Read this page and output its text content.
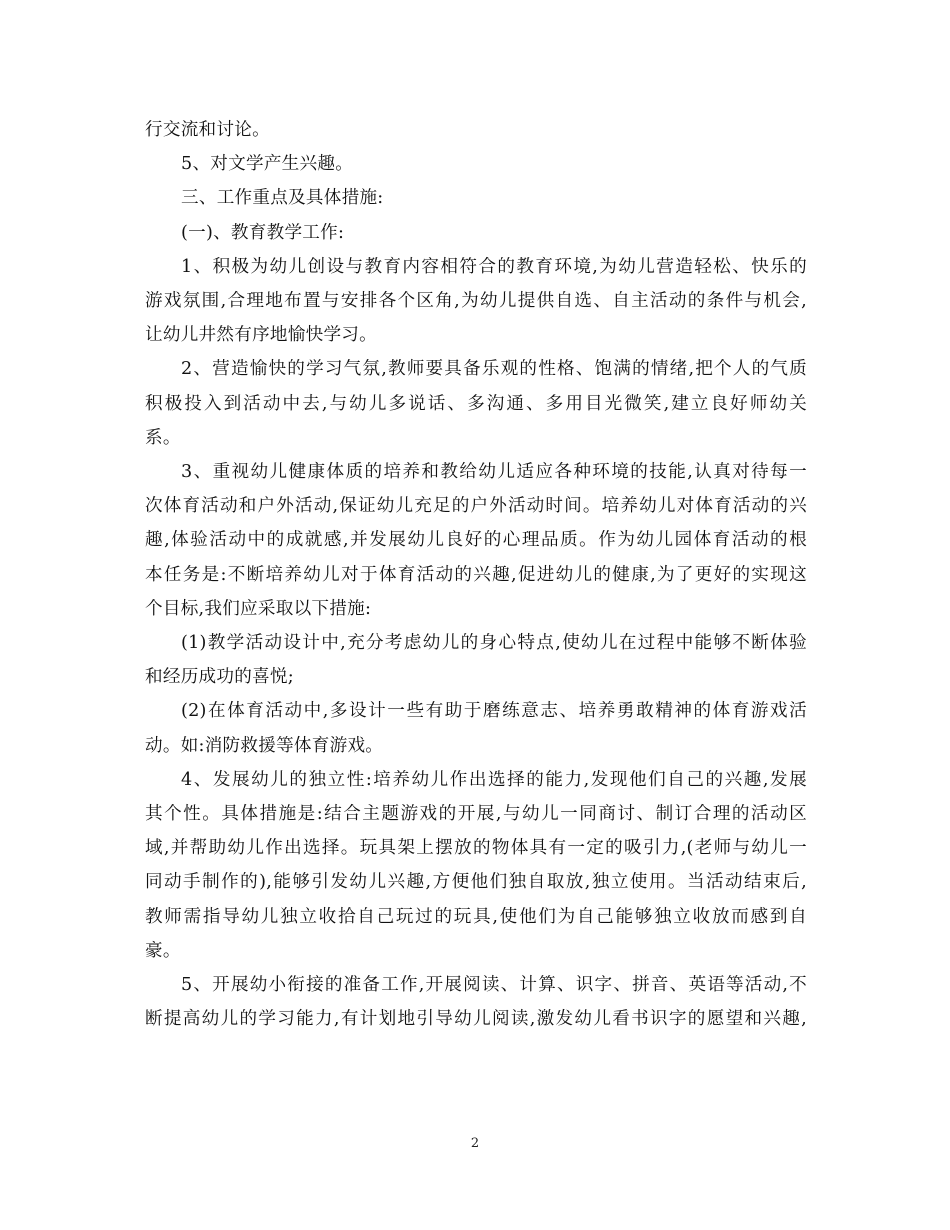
行交流和讨论。

5、对文学产生兴趣。

三、工作重点及具体措施:

(一)、教育教学工作:

1、积极为幼儿创设与教育内容相符合的教育环境,为幼儿营造轻松、快乐的
游戏氛围,合理地布置与安排各个区角,为幼儿提供自选、自主活动的条件与机会,
让幼儿井然有序地愉快学习。

2、营造愉快的学习气氛,教师要具备乐观的性格、饱满的情绪,把个人的气质
积极投入到活动中去,与幼儿多说话、多沟通、多用目光微笑,建立良好师幼关
系。

3、重视幼儿健康体质的培养和教给幼儿适应各种环境的技能,认真对待每一
次体育活动和户外活动,保证幼儿充足的户外活动时间。培养幼儿对体育活动的兴
趣,体验活动中的成就感,并发展幼儿良好的心理品质。作为幼儿园体育活动的根
本任务是:不断培养幼儿对于体育活动的兴趣,促进幼儿的健康,为了更好的实现这
个目标,我们应采取以下措施:

(1)教学活动设计中,充分考虑幼儿的身心特点,使幼儿在过程中能够不断体验
和经历成功的喜悦;

(2)在体育活动中,多设计一些有助于磨练意志、培养勇敢精神的体育游戏活
动。如:消防救援等体育游戏。

4、发展幼儿的独立性:培养幼儿作出选择的能力,发现他们自己的兴趣,发展
其个性。具体措施是:结合主题游戏的开展,与幼儿一同商讨、制订合理的活动区
域,并帮助幼儿作出选择。玩具架上摆放的物体具有一定的吸引力,(老师与幼儿一
同动手制作的),能够引发幼儿兴趣,方便他们独自取放,独立使用。当活动结束后,
教师需指导幼儿独立收拾自己玩过的玩具,使他们为自己能够独立收放而感到自
豪。

5、开展幼小衔接的准备工作,开展阅读、计算、识字、拼音、英语等活动,不
断提高幼儿的学习能力,有计划地引导幼儿阅读,激发幼儿看书识字的愿望和兴趣,

2
